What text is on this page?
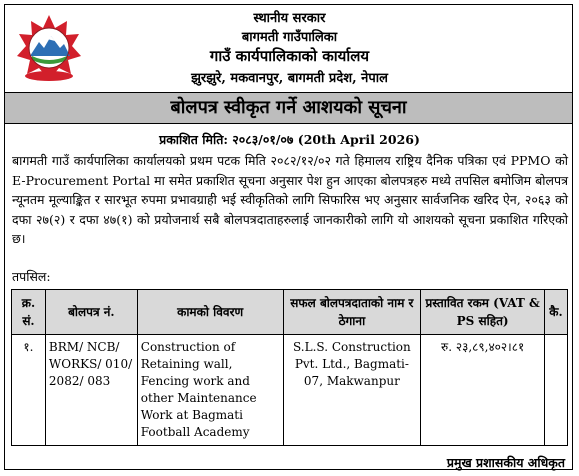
स्थानीय सरकार
बागमती गाउँपालिका
गाउँ कार्यपालिकाको कार्यालय
झुरझुरे, मकवानपुर, बागमती प्रदेश, नेपाल
बोलपत्र स्वीकृत गर्ने आशयको सूचना
प्रकाशित मिति: २०८३/०१/०७ (20th April 2026)

बागमती गाउँ कार्यपालिका कार्यालयको प्रथम पटक मिति २०८२/१२/०२ गते हिमालय राष्ट्रिय दैनिक पत्रिका एवं PPMO को E-Procurement Portal मा समेत प्रकाशित सूचना अनुसार पेश हुन आएका बोलपत्रहरु मध्ये तपसिल बमोजिम बोलपत्र न्यूनतम मूल्याङ्कित र सारभूत रुपमा प्रभावग्राही भई स्वीकृतिको लागि सिफारिस भए अनुसार सार्वजनिक खरिद ऐन, २०६३ को दफा २७(२) र दफा ४७(१) को प्रयोजनार्थ सबै बोलपत्रदाताहरुलाई जानकारीको लागि यो आशयको सूचना प्रकाशित गरिएको छ।

तपसिल:
क्र. सं.	बोलपत्र नं.	कामको विवरण	सफल बोलपत्रदाताको नाम र ठेगाना	प्रस्तावित रकम (VAT & PS सहित)	कै.
१.	BRM/ NCB/ WORKS/ 010/ 2082/ 083	Construction of Retaining wall, Fencing work and other Maintenance Work at Bagmati Football Academy	S.L.S. Construction Pvt. Ltd., Bagmati-07, Makwanpur	रु. २३,८९,४०२।८१	
प्रमुख प्रशासकीय अधिकृत
